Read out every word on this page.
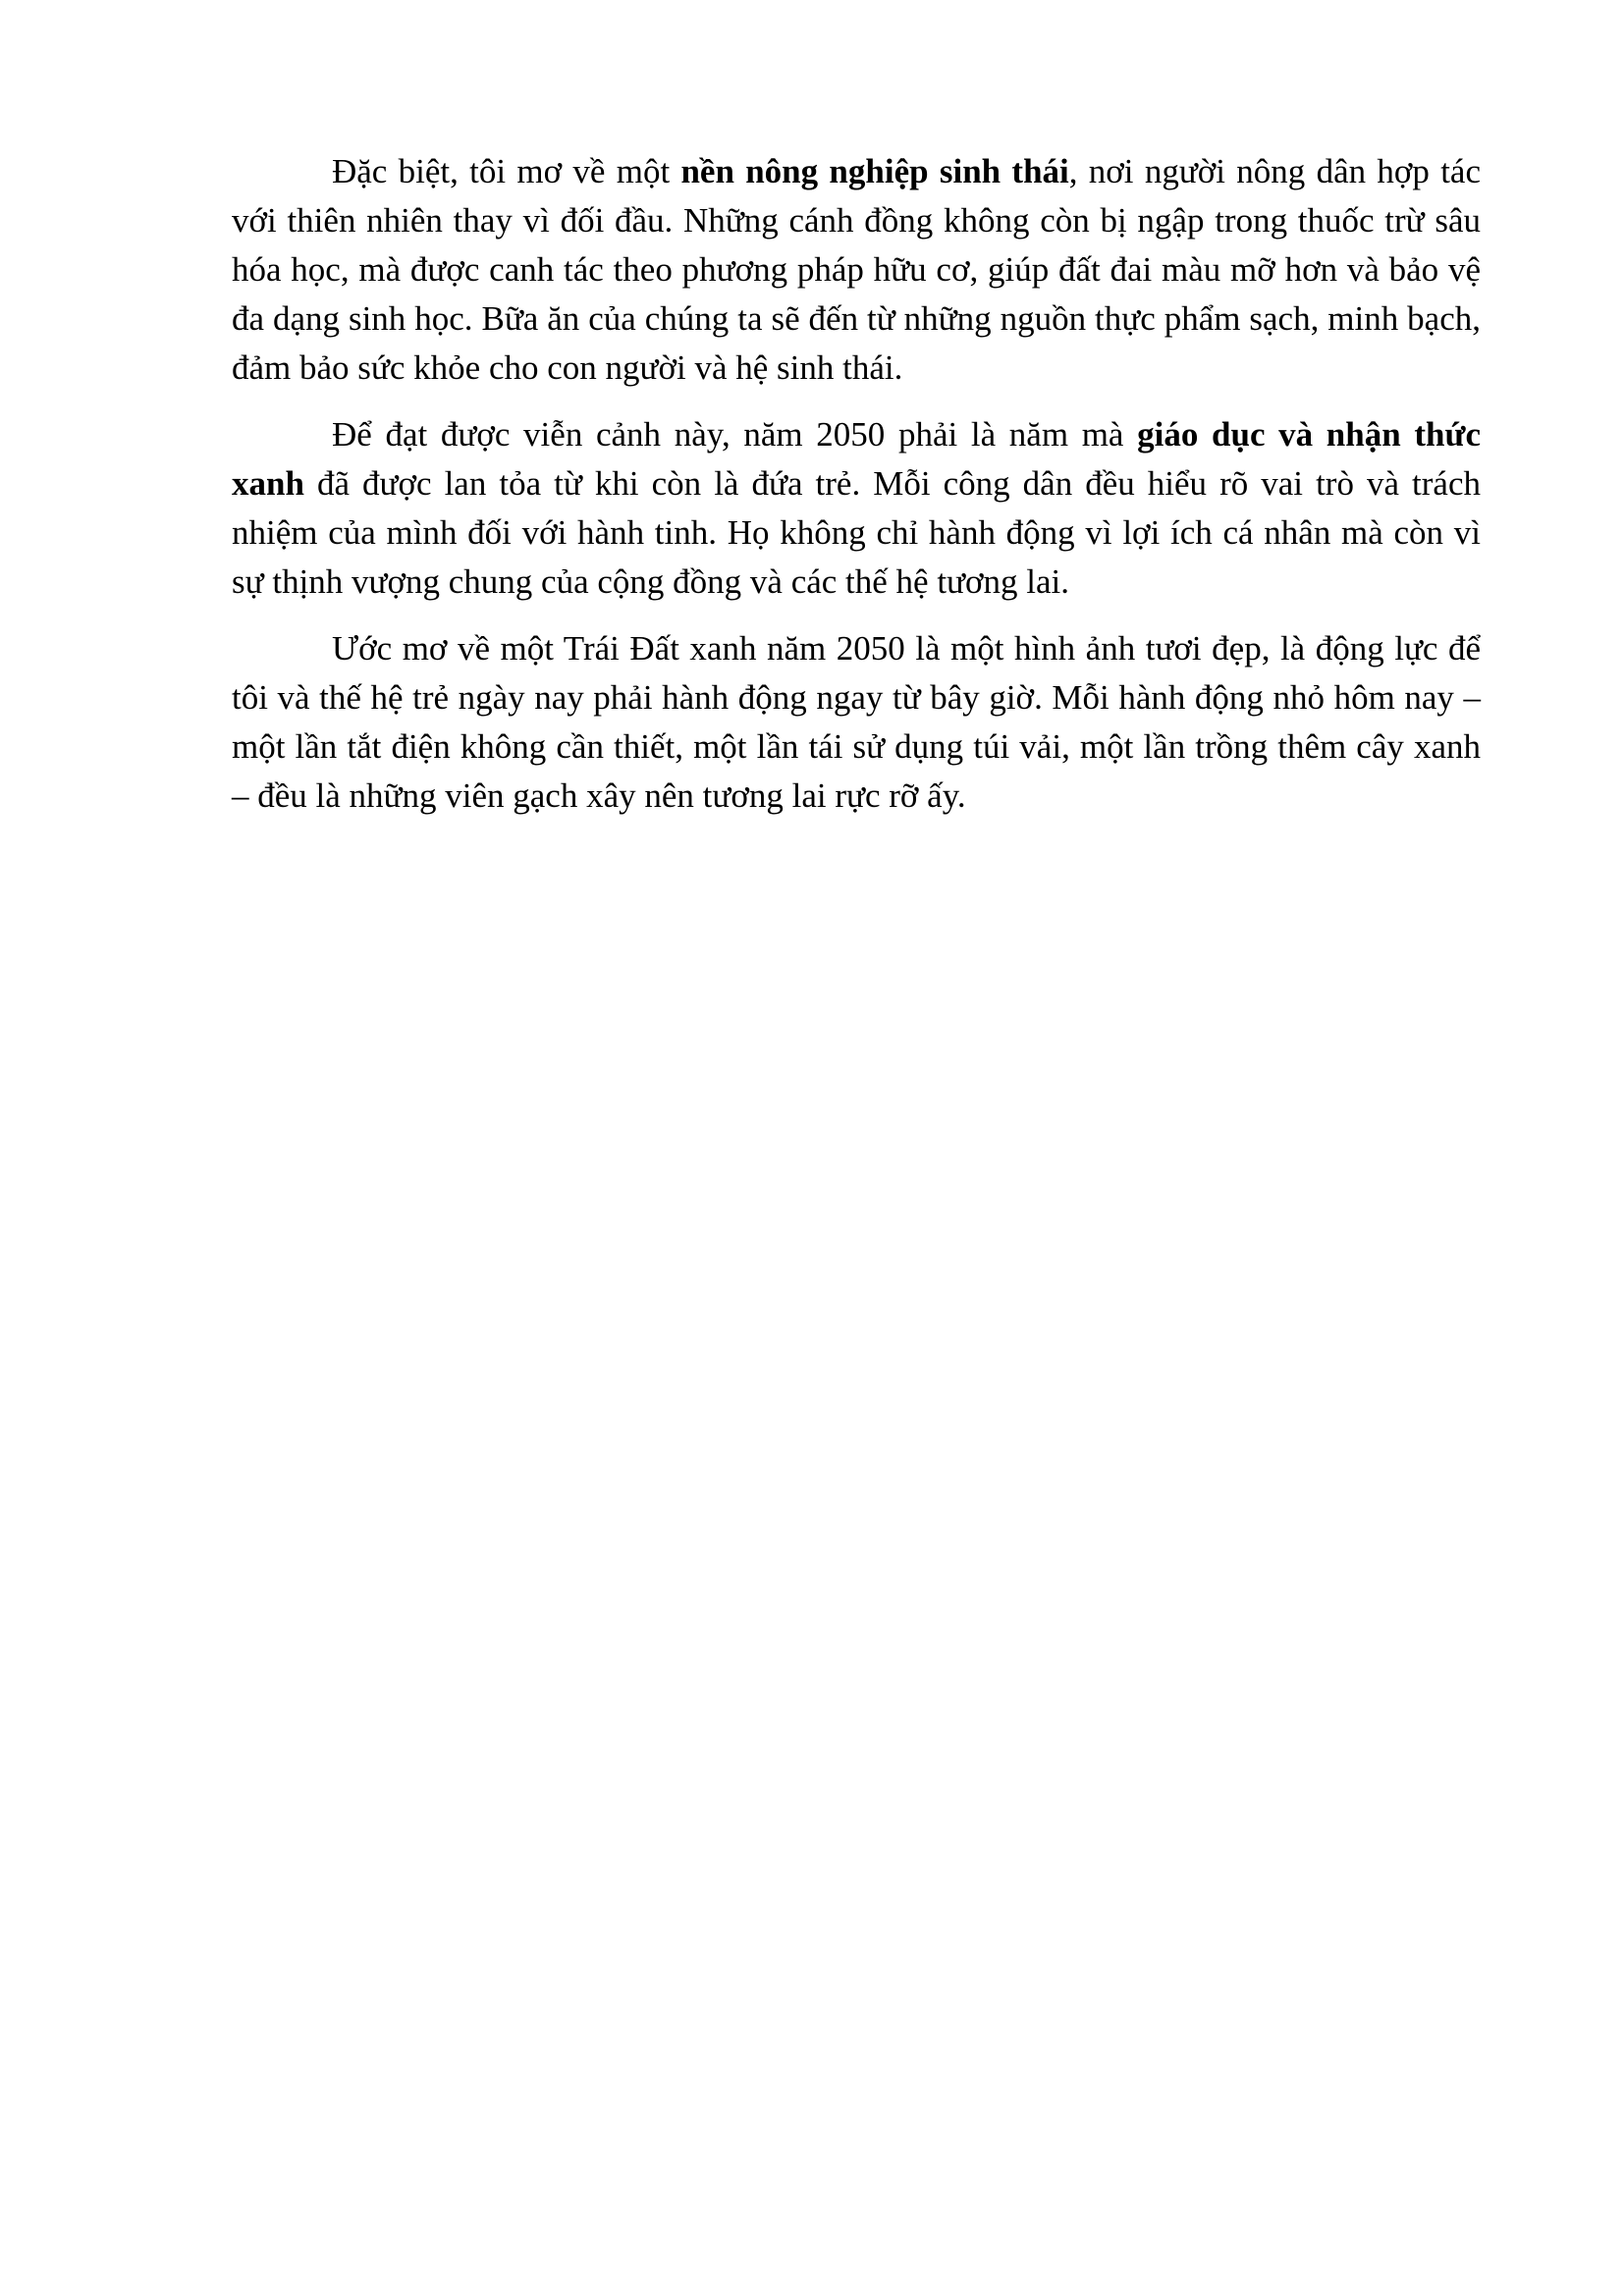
Đặc biệt, tôi mơ về một nền nông nghiệp sinh thái, nơi người nông dân hợp tác với thiên nhiên thay vì đối đầu. Những cánh đồng không còn bị ngập trong thuốc trừ sâu hóa học, mà được canh tác theo phương pháp hữu cơ, giúp đất đai màu mỡ hơn và bảo vệ đa dạng sinh học. Bữa ăn của chúng ta sẽ đến từ những nguồn thực phẩm sạch, minh bạch, đảm bảo sức khỏe cho con người và hệ sinh thái.

Để đạt được viễn cảnh này, năm 2050 phải là năm mà giáo dục và nhận thức xanh đã được lan tỏa từ khi còn là đứa trẻ. Mỗi công dân đều hiểu rõ vai trò và trách nhiệm của mình đối với hành tinh. Họ không chỉ hành động vì lợi ích cá nhân mà còn vì sự thịnh vượng chung của cộng đồng và các thế hệ tương lai.

Ước mơ về một Trái Đất xanh năm 2050 là một hình ảnh tươi đẹp, là động lực để tôi và thế hệ trẻ ngày nay phải hành động ngay từ bây giờ. Mỗi hành động nhỏ hôm nay – một lần tắt điện không cần thiết, một lần tái sử dụng túi vải, một lần trồng thêm cây xanh – đều là những viên gạch xây nên tương lai rực rỡ ấy.
